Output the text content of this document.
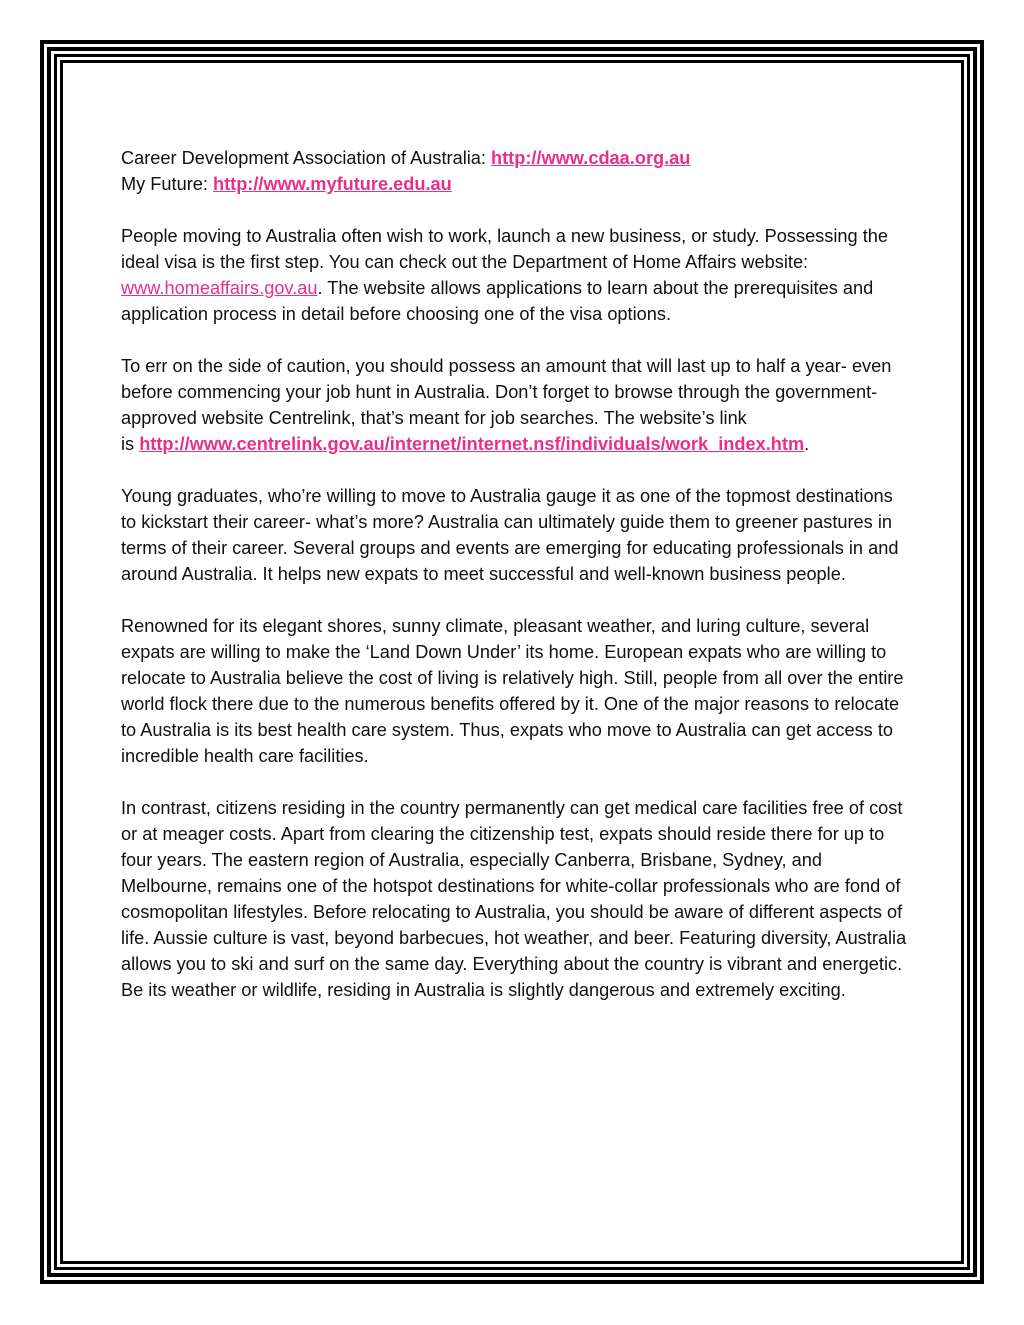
Career Development Association of Australia: http://www.cdaa.org.au
My Future: http://www.myfuture.edu.au

People moving to Australia often wish to work, launch a new business, or study. Possessing the ideal visa is the first step. You can check out the Department of Home Affairs website: www.homeaffairs.gov.au. The website allows applications to learn about the prerequisites and application process in detail before choosing one of the visa options.

To err on the side of caution, you should possess an amount that will last up to half a year- even before commencing your job hunt in Australia. Don’t forget to browse through the government-approved website Centrelink, that’s meant for job searches. The website’s link
is http://www.centrelink.gov.au/internet/internet.nsf/individuals/work_index.htm.

Young graduates, who’re willing to move to Australia gauge it as one of the topmost destinations to kickstart their career- what’s more? Australia can ultimately guide them to greener pastures in terms of their career. Several groups and events are emerging for educating professionals in and around Australia. It helps new expats to meet successful and well-known business people.

Renowned for its elegant shores, sunny climate, pleasant weather, and luring culture, several expats are willing to make the ‘Land Down Under’ its home. European expats who are willing to relocate to Australia believe the cost of living is relatively high. Still, people from all over the entire world flock there due to the numerous benefits offered by it. One of the major reasons to relocate to Australia is its best health care system. Thus, expats who move to Australia can get access to incredible health care facilities.

In contrast, citizens residing in the country permanently can get medical care facilities free of cost or at meager costs. Apart from clearing the citizenship test, expats should reside there for up to four years. The eastern region of Australia, especially Canberra, Brisbane, Sydney, and Melbourne, remains one of the hotspot destinations for white-collar professionals who are fond of cosmopolitan lifestyles. Before relocating to Australia, you should be aware of different aspects of life. Aussie culture is vast, beyond barbecues, hot weather, and beer. Featuring diversity, Australia allows you to ski and surf on the same day. Everything about the country is vibrant and energetic. Be its weather or wildlife, residing in Australia is slightly dangerous and extremely exciting.
